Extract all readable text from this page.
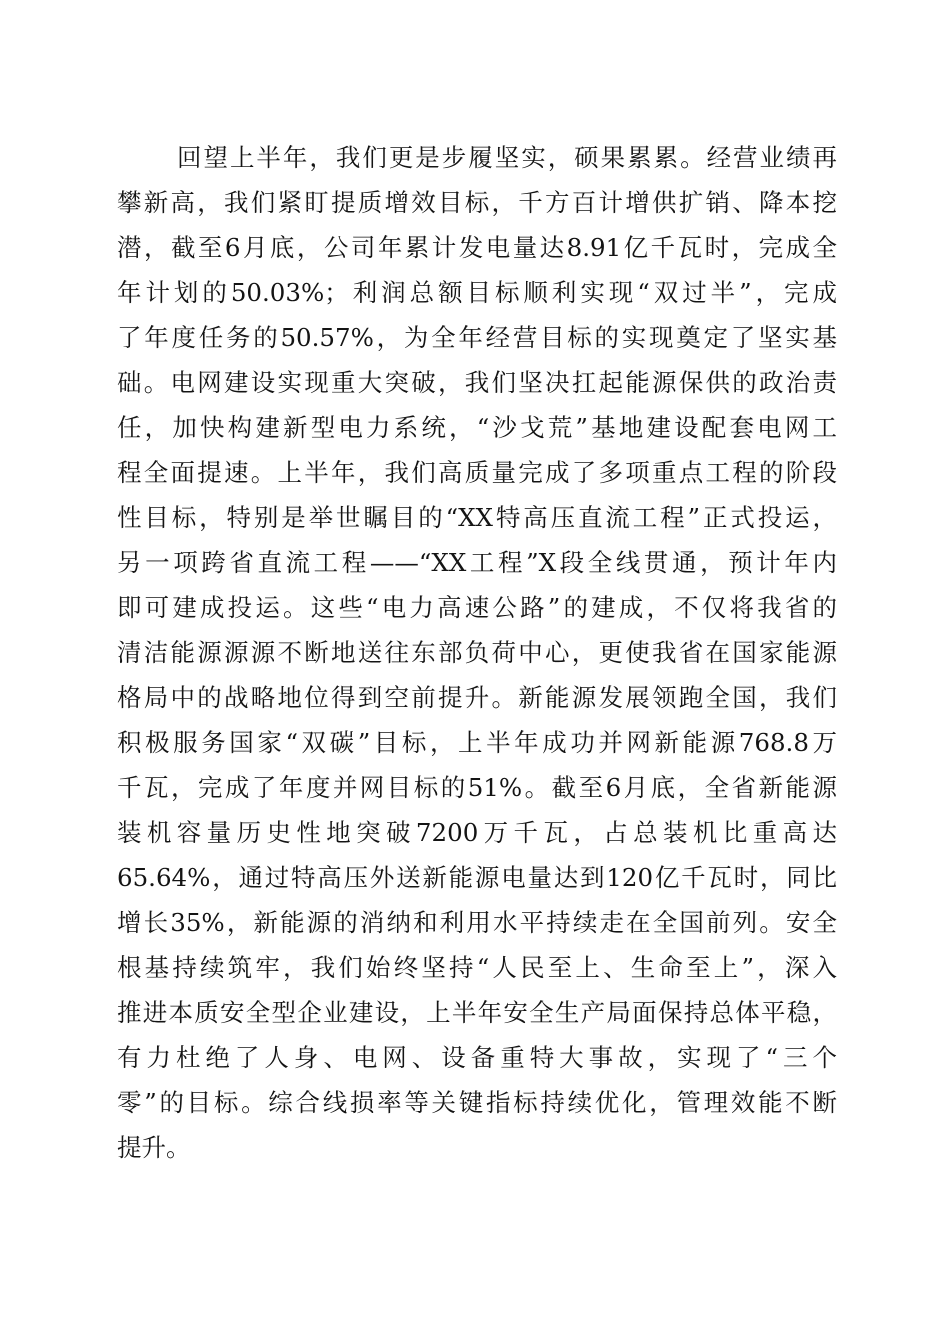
回望上半年，我们更是步履坚实，硕果累累。经营业绩再
攀新高，我们紧盯提质增效目标，千方百计增供扩销、降本挖
潜，截至6月底，公司年累计发电量达8.91亿千瓦时，完成全
年计划的50.03%；利润总额目标顺利实现“双过半”，完成
了年度任务的50.57%，为全年经营目标的实现奠定了坚实基
础。电网建设实现重大突破，我们坚决扛起能源保供的政治责
任，加快构建新型电力系统，“沙戈荒”基地建设配套电网工
程全面提速。上半年，我们高质量完成了多项重点工程的阶段
性目标，特别是举世瞩目的“XX特高压直流工程”正式投运，
另一项跨省直流工程——“XX工程”X段全线贯通，预计年内
即可建成投运。这些“电力高速公路”的建成，不仅将我省的
清洁能源源源不断地送往东部负荷中心，更使我省在国家能源
格局中的战略地位得到空前提升。新能源发展领跑全国，我们
积极服务国家“双碳”目标，上半年成功并网新能源768.8万
千瓦，完成了年度并网目标的51%。截至6月底，全省新能源
装机容量历史性地突破7200万千瓦，占总装机比重高达
65.64%，通过特高压外送新能源电量达到120亿千瓦时，同比
增长35%，新能源的消纳和利用水平持续走在全国前列。安全
根基持续筑牢，我们始终坚持“人民至上、生命至上”，深入
推进本质安全型企业建设，上半年安全生产局面保持总体平稳，
有力杜绝了人身、电网、设备重特大事故，实现了“三个
零”的目标。综合线损率等关键指标持续优化，管理效能不断
提升。
